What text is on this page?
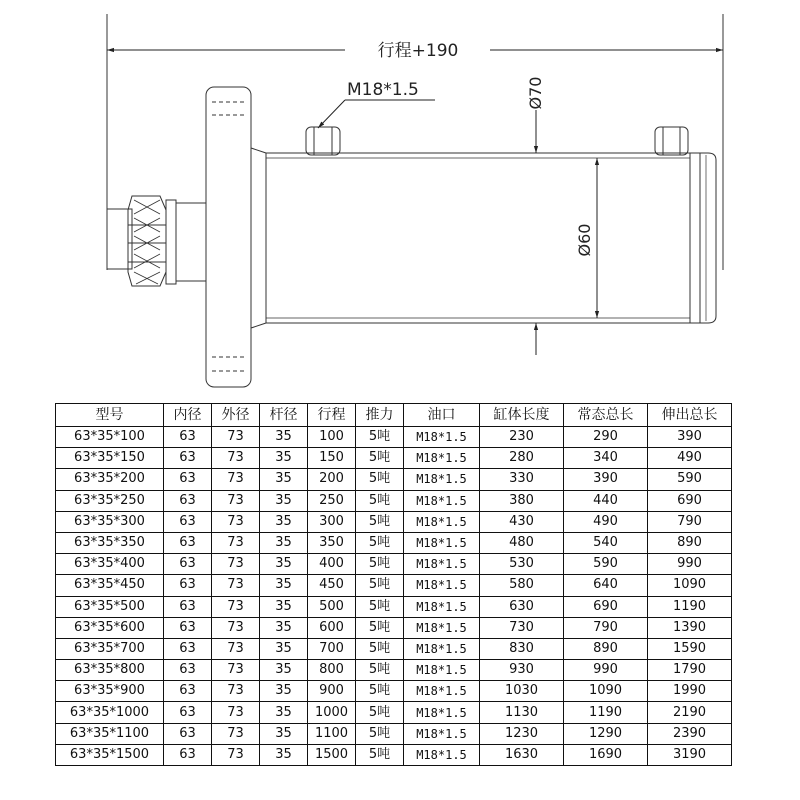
行程+190
M18*1.5	Ø70
Ø60
型号	内径	外径	杆径	行程	推力	油口	缸体长度	常态总长	伸出总长
63*35*100	63	73	35	100	5吨	M18*1.5	230	290	390
63*35*150	63	73	35	150	5吨	M18*1.5	280	340	490
63*35*200	63	73	35	200	5吨	M18*1.5	330	390	590
63*35*250	63	73	35	250	5吨	M18*1.5	380	440	690
63*35*300	63	73	35	300	5吨	M18*1.5	430	490	790
63*35*350	63	73	35	350	5吨	M18*1.5	480	540	890
63*35*400	63	73	35	400	5吨	M18*1.5	530	590	990
63*35*450	63	73	35	450	5吨	M18*1.5	580	640	1090
63*35*500	63	73	35	500	5吨	M18*1.5	630	690	1190
63*35*600	63	73	35	600	5吨	M18*1.5	730	790	1390
63*35*700	63	73	35	700	5吨	M18*1.5	830	890	1590
63*35*800	63	73	35	800	5吨	M18*1.5	930	990	1790
63*35*900	63	73	35	900	5吨	M18*1.5	1030	1090	1990
63*35*1000	63	73	35	1000	5吨	M18*1.5	1130	1190	2190
63*35*1100	63	73	35	1100	5吨	M18*1.5	1230	1290	2390
63*35*1500	63	73	35	1500	5吨	M18*1.5	1630	1690	3190
